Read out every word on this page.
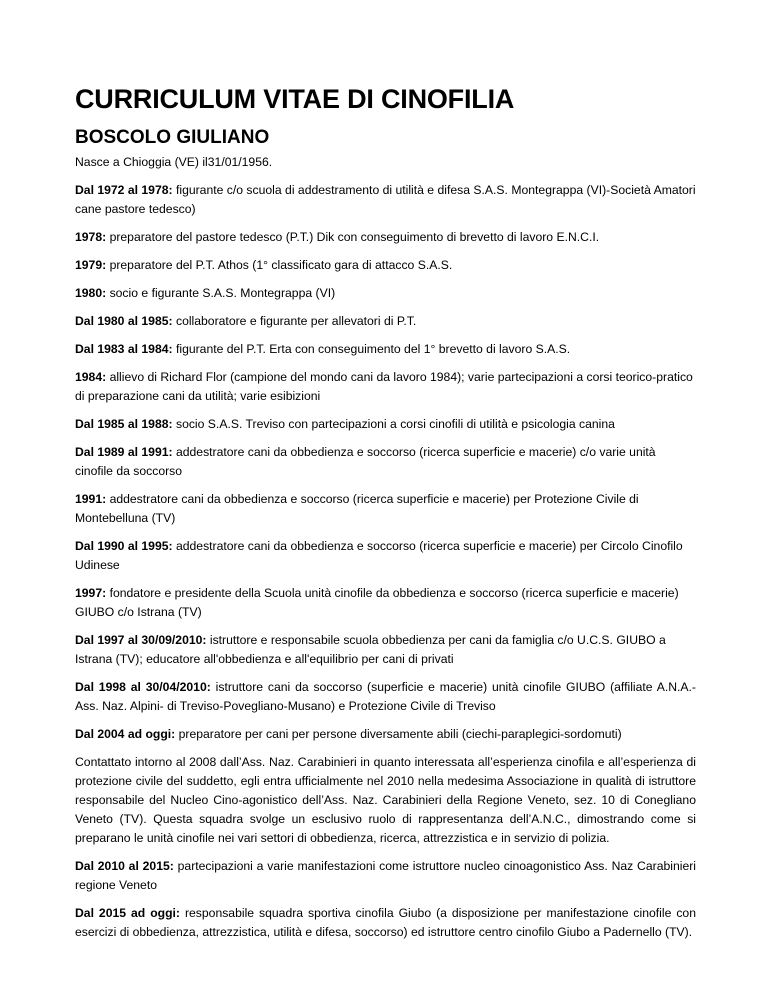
CURRICULUM VITAE DI CINOFILIA
BOSCOLO GIULIANO

Nasce a Chioggia (VE) il31/01/1956.

Dal 1972 al 1978: figurante c/o scuola di addestramento di utilità e difesa S.A.S. Montegrappa (VI)-Società Amatori cane pastore tedesco)

1978: preparatore del pastore tedesco (P.T.) Dik con conseguimento di brevetto di lavoro E.N.C.I.

1979: preparatore del P.T. Athos (1° classificato gara di attacco S.A.S.

1980: socio e figurante S.A.S. Montegrappa (VI)

Dal 1980 al 1985: collaboratore e figurante per allevatori di P.T.

Dal 1983 al 1984: figurante del P.T. Erta con conseguimento del 1° brevetto di lavoro S.A.S.

1984: allievo di Richard Flor (campione del mondo cani da lavoro 1984); varie partecipazioni a corsi teorico-pratico di preparazione cani da utilità; varie esibizioni

Dal 1985 al 1988: socio S.A.S. Treviso con partecipazioni a corsi cinofili di utilità e psicologia canina

Dal 1989 al 1991: addestratore cani da obbedienza e soccorso (ricerca superficie e macerie) c/o varie unità cinofile da soccorso

1991: addestratore cani da obbedienza e soccorso (ricerca superficie e macerie) per Protezione Civile di Montebelluna (TV)

Dal 1990 al 1995: addestratore cani da obbedienza e soccorso (ricerca superficie e macerie) per Circolo Cinofilo Udinese

1997: fondatore e presidente della Scuola unità cinofile da obbedienza e soccorso (ricerca superficie e macerie) GIUBO c/o Istrana (TV)

Dal 1997 al 30/09/2010: istruttore e responsabile scuola obbedienza per cani da famiglia c/o U.C.S. GIUBO a Istrana (TV); educatore all'obbedienza e all'equilibrio per cani di privati

Dal 1998 al 30/04/2010: istruttore cani da soccorso (superficie e macerie) unità cinofile GIUBO (affiliate A.N.A.-Ass. Naz. Alpini- di Treviso-Povegliano-Musano) e Protezione Civile di Treviso

Dal 2004 ad oggi: preparatore per cani per persone diversamente abili (ciechi-paraplegici-sordomuti)

Contattato intorno al 2008 dall’Ass. Naz. Carabinieri in quanto interessata all’esperienza cinofila e all’esperienza di protezione civile del suddetto, egli entra ufficialmente nel 2010 nella medesima Associazione in qualità di istruttore responsabile del Nucleo Cino-agonistico dell’Ass. Naz. Carabinieri della Regione Veneto, sez. 10 di Conegliano Veneto (TV). Questa squadra svolge un esclusivo ruolo di rappresentanza dell’A.N.C., dimostrando come si preparano le unità cinofile nei vari settori di obbedienza, ricerca, attrezzistica e in servizio di polizia.

Dal 2010 al 2015: partecipazioni a varie manifestazioni come istruttore nucleo cinoagonistico Ass. Naz Carabinieri regione Veneto

Dal 2015 ad oggi: responsabile squadra sportiva cinofila Giubo (a disposizione per manifestazione cinofile con esercizi di obbedienza, attrezzistica, utilità e difesa, soccorso) ed istruttore centro cinofilo Giubo a Padernello (TV).
